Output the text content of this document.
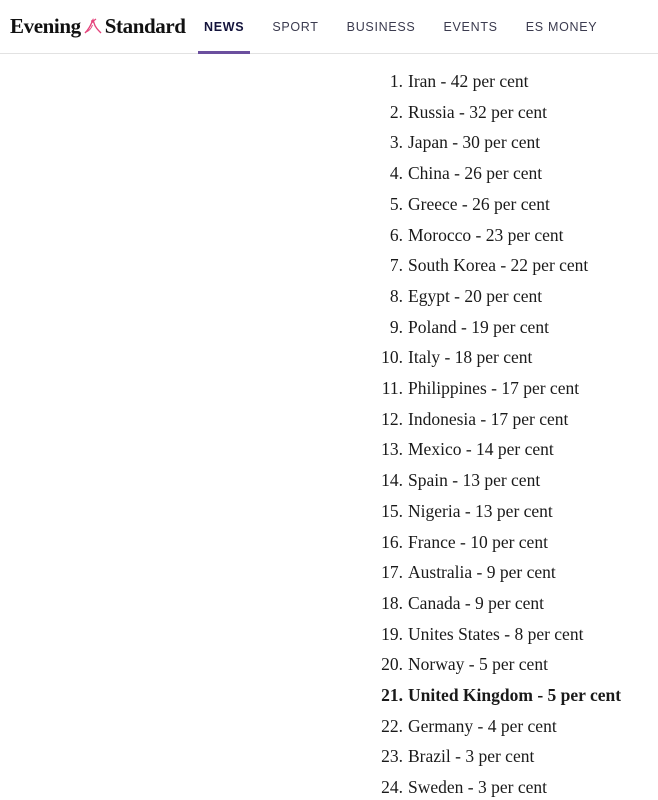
Evening Standard NEWS SPORT BUSINESS EVENTS ES MONEY
1. Iran - 42 per cent
2. Russia - 32 per cent
3. Japan - 30 per cent
4. China - 26 per cent
5. Greece - 26 per cent
6. Morocco - 23 per cent
7. South Korea - 22 per cent
8. Egypt - 20 per cent
9. Poland - 19 per cent
10. Italy - 18 per cent
11. Philippines - 17 per cent
12. Indonesia - 17 per cent
13. Mexico - 14 per cent
14. Spain - 13 per cent
15. Nigeria - 13 per cent
16. France - 10 per cent
17. Australia - 9 per cent
18. Canada - 9 per cent
19. Unites States - 8 per cent
20. Norway - 5 per cent
21. United Kingdom - 5 per cent
22. Germany - 4 per cent
23. Brazil - 3 per cent
24. Sweden - 3 per cent
